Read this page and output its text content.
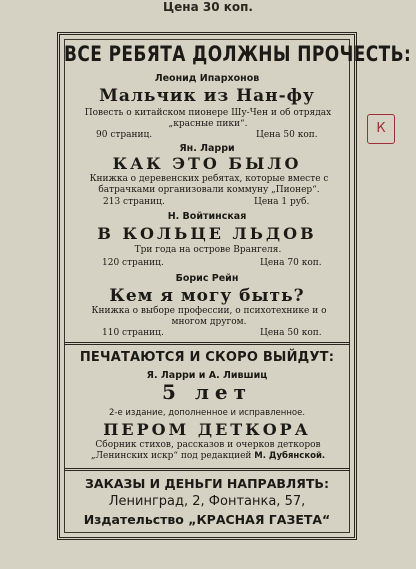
Цена 30 коп.
К
ВСЕ РЕБЯТА ДОЛЖНЫ ПРОЧЕСТЬ:
Леонид Ипархонов
Мальчик из Нан-фу
Повесть о китайском пионере Шу-Чен и об отрядах „красные пики“.
90 страниц.	Цена 50 коп.
Ян. Ларри
КАК ЭТО БЫЛО
Книжка о деревенских ребятах, которые вместе с батрачками организовали коммуну „Пионер“.
213 страниц.	Цена 1 руб.
Н. Войтинская
В КОЛЬЦЕ ЛЬДОВ
Три года на острове Врангеля.
120 страниц.	Цена 70 коп.
Борис Рейн
Кем я могу быть?
Книжка о выборе профессии, о психотехнике и о многом другом.
110 страниц.	Цена 50 коп.
ПЕЧАТАЮТСЯ И СКОРО ВЫЙДУТ:
Я. Ларри и А. Лившиц
5 лет
2-е издание, дополненное и исправленное.
ПЕРОМ ДЕТКОРА
Сборник стихов, рассказов и очерков деткоров „Ленинских искр“ под редакцией М. Дубянской.
ЗАКАЗЫ И ДЕНЬГИ НАПРАВЛЯТЬ:
Ленинград, 2, Фонтанка, 57,
Издательство „КРАСНАЯ ГАЗЕТА“
